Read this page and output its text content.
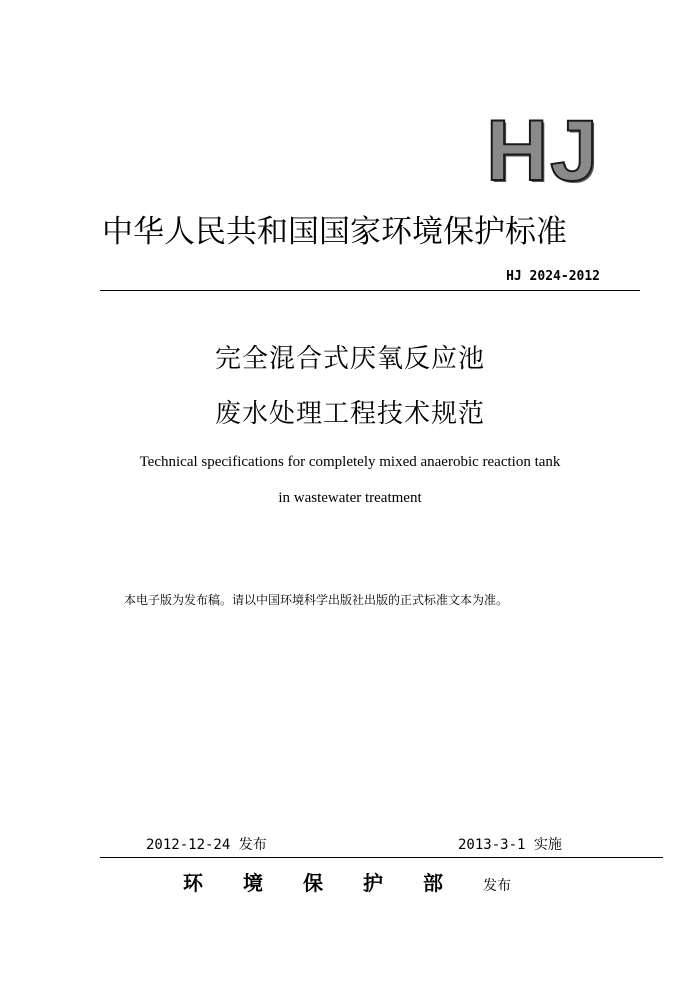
HJ
中华人民共和国国家环境保护标准
HJ 2024-2012
完全混合式厌氧反应池
废水处理工程技术规范
Technical specifications for completely mixed anaerobic reaction tank
in wastewater treatment
本电子版为发布稿。请以中国环境科学出版社出版的正式标准文本为准。
2012-12-24 发布	2013-3-1 实施
环	境	保	护	部	发布
